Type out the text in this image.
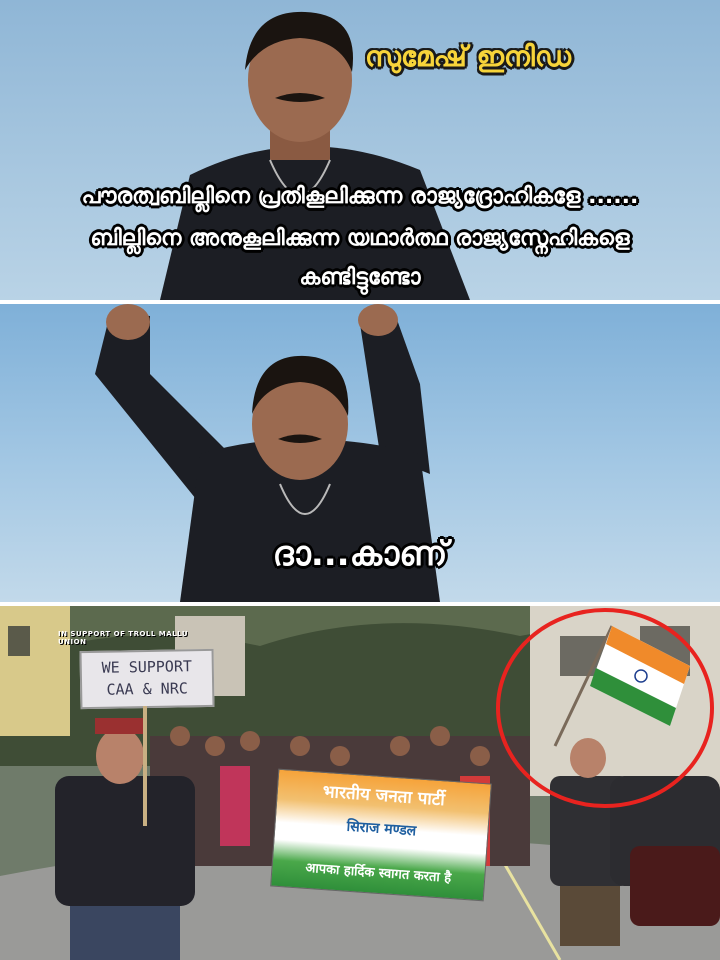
സുമേഷ് ഇനിഡ
പൗരത്വബില്ലിനെ പ്രതികൂലിക്കുന്ന രാജ്യദ്രോഹികളേ ......
ബില്ലിനെ അനുകൂലിക്കുന്ന യഥാർത്ഥ രാജ്യസ്നേഹികളെ
കണ്ടിട്ടുണ്ടോ
ദാ...കാണ്
IN SUPPORT OF TROLL MALLU UNION
WE SUPPORT
CAA & NRC
भारतीय जनता पार्टी
सिराज मण्डल
आपका हार्दिक स्वागत करता है
